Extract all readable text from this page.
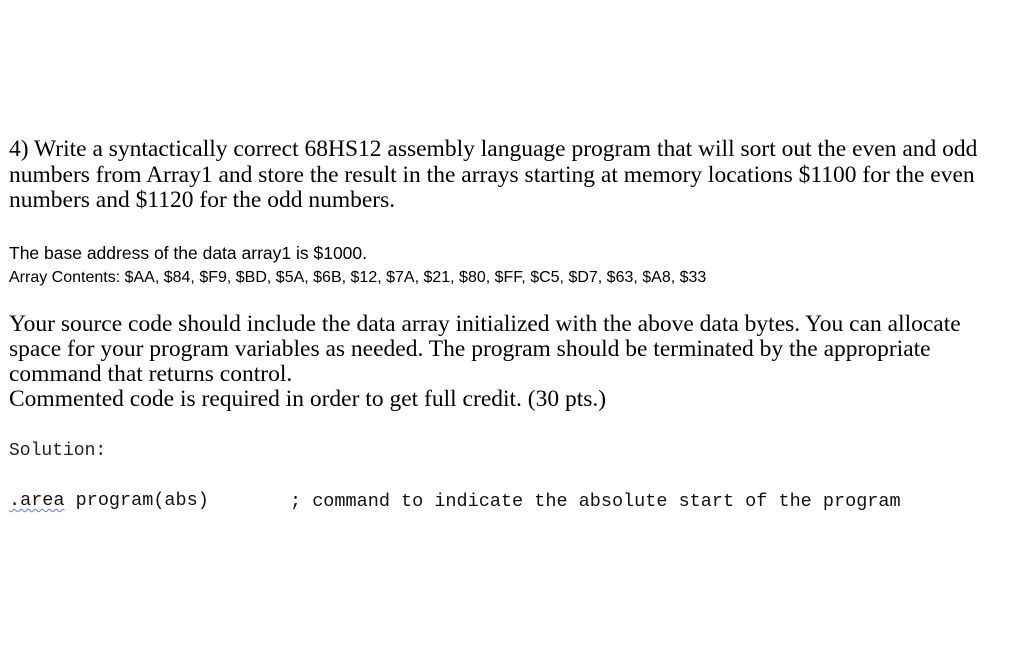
4) Write a syntactically correct 68HS12 assembly language program that will sort out the even and odd numbers from Array1 and store the result in the arrays starting at memory locations $1100 for the even numbers and $1120 for the odd numbers.

The base address of the data array1 is $1000.
Array Contents: $AA, $84, $F9, $BD, $5A, $6B, $12, $7A, $21, $80, $FF, $C5, $D7, $63, $A8, $33
Your source code should include the data array initialized with the above data bytes. You can allocate space for your program variables as needed. The program should be terminated by the appropriate command that returns control.
Commented code is required in order to get full credit. (30 pts.)
Solution:
.area program(abs)	; command to indicate the absolute start of the program
